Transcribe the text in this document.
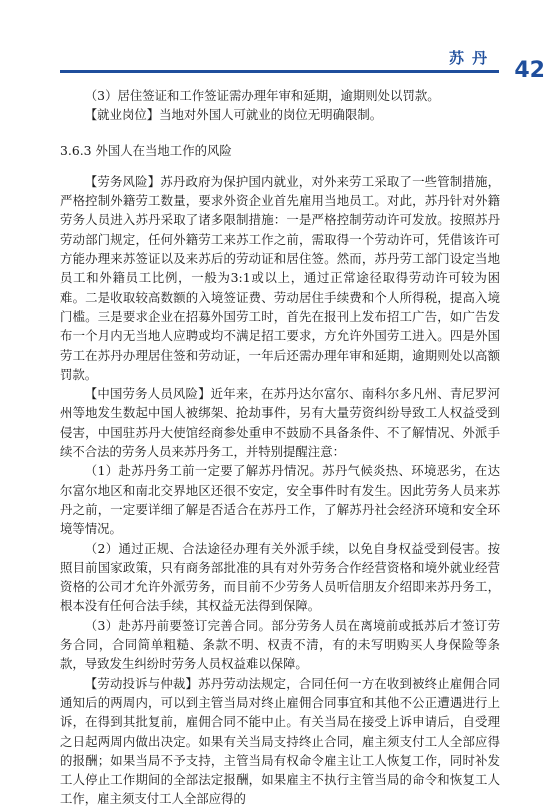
苏丹 42

（3）居住签证和工作签证需办理年审和延期，逾期则处以罚款。

【就业岗位】当地对外国人可就业的岗位无明确限制。

3.6.3 外国人在当地工作的风险

【劳务风险】苏丹政府为保护国内就业，对外来劳工采取了一些管制措施，严格控制外籍劳工数量，要求外资企业首先雇用当地员工。对此，苏丹针对外籍劳务人员进入苏丹采取了诸多限制措施：一是严格控制劳动许可发放。按照苏丹劳动部门规定，任何外籍劳工来苏工作之前，需取得一个劳动许可，凭借该许可方能办理来苏签证以及来苏后的劳动证和居住签。然而，苏丹劳工部门设定当地员工和外籍员工比例，一般为3:1或以上，通过正常途径取得劳动许可较为困难。二是收取较高数额的入境签证费、劳动居住手续费和个人所得税，提高入境门槛。三是要求企业在招募外国劳工时，首先在报刊上发布招工广告，如广告发布一个月内无当地人应聘或均不满足招工要求，方允许外国劳工进入。四是外国劳工在苏丹办理居住签和劳动证，一年后还需办理年审和延期，逾期则处以高额罚款。

【中国劳务人员风险】近年来，在苏丹达尔富尔、南科尔多凡州、青尼罗河州等地发生数起中国人被绑架、抢劫事件，另有大量劳资纠纷导致工人权益受到侵害，中国驻苏丹大使馆经商参处重申不鼓励不具备条件、不了解情况、外派手续不合法的劳务人员来苏丹务工，并特别提醒注意：

（1）赴苏丹务工前一定要了解苏丹情况。苏丹气候炎热、环境恶劣，在达尔富尔地区和南北交界地区还很不安定，安全事件时有发生。因此劳务人员来苏丹之前，一定要详细了解是否适合在苏丹工作，了解苏丹社会经济环境和安全环境等情况。

（2）通过正规、合法途径办理有关外派手续，以免自身权益受到侵害。按照目前国家政策，只有商务部批准的具有对外劳务合作经营资格和境外就业经营资格的公司才允许外派劳务，而目前不少劳务人员听信朋友介绍即来苏丹务工，根本没有任何合法手续，其权益无法得到保障。

（3）赴苏丹前要签订完善合同。部分劳务人员在离境前或抵苏后才签订劳务合同，合同简单粗糙、条款不明、权责不清，有的未写明购买人身保险等条款，导致发生纠纷时劳务人员权益难以保障。

【劳动投诉与仲裁】苏丹劳动法规定，合同任何一方在收到被终止雇佣合同通知后的两周内，可以到主管当局对终止雇佣合同事宜和其他不公正遭遇进行上诉，在得到其批复前，雇佣合同不能中止。有关当局在接受上诉申请后，自受理之日起两周内做出决定。如果有关当局支持终止合同，雇主须支付工人全部应得的报酬；如果当局不予支持，主管当局有权命令雇主让工人恢复工作，同时补发工人停止工作期间的全部法定报酬，如果雇主不执行主管当局的命令和恢复工人工作，雇主须支付工人全部应得的
